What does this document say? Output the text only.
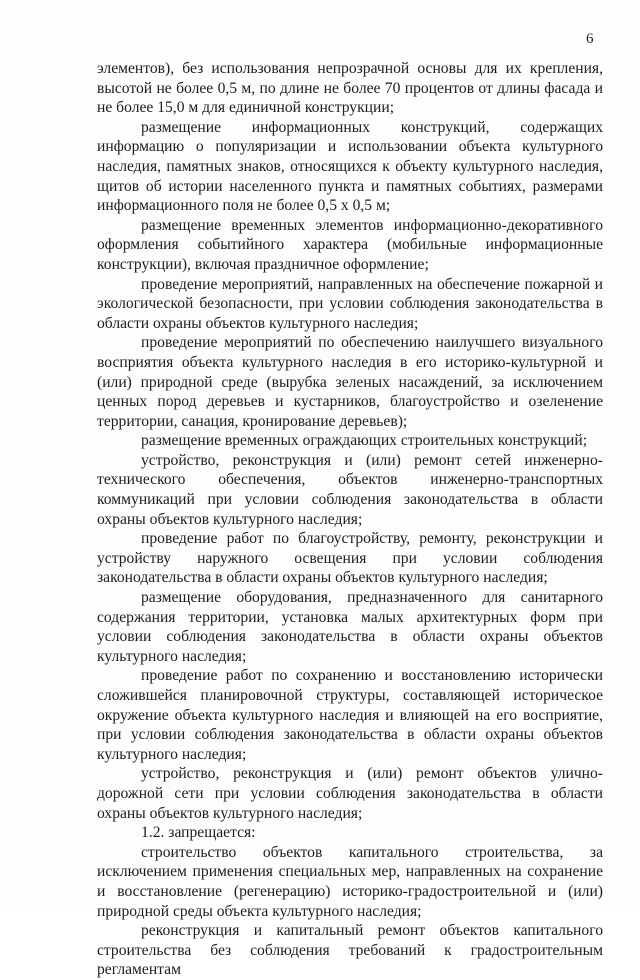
6

элементов), без использования непрозрачной основы для их крепления, высотой не более 0,5 м, по длине не более 70 процентов от длины фасада и не более 15,0 м для единичной конструкции;

размещение информационных конструкций, содержащих информацию о популяризации и использовании объекта культурного наследия, памятных знаков, относящихся к объекту культурного наследия, щитов об истории населенного пункта и памятных событиях, размерами информационного поля не более 0,5 х 0,5 м;

размещение временных элементов информационно-декоративного оформления событийного характера (мобильные информационные конструкции), включая праздничное оформление;

проведение мероприятий, направленных на обеспечение пожарной и экологической безопасности, при условии соблюдения законодательства в области охраны объектов культурного наследия;

проведение мероприятий по обеспечению наилучшего визуального восприятия объекта культурного наследия в его историко-культурной и (или) природной среде (вырубка зеленых насаждений, за исключением ценных пород деревьев и кустарников, благоустройство и озеленение территории, санация, кронирование деревьев);

размещение временных ограждающих строительных конструкций;

устройство, реконструкция и (или) ремонт сетей инженерно-технического обеспечения, объектов инженерно-транспортных коммуникаций при условии соблюдения законодательства в области охраны объектов культурного наследия;

проведение работ по благоустройству, ремонту, реконструкции и устройству наружного освещения при условии соблюдения законодательства в области охраны объектов культурного наследия;

размещение оборудования, предназначенного для санитарного содержания территории, установка малых архитектурных форм при условии соблюдения законодательства в области охраны объектов культурного наследия;

проведение работ по сохранению и восстановлению исторически сложившейся планировочной структуры, составляющей историческое окружение объекта культурного наследия и влияющей на его восприятие, при условии соблюдения законодательства в области охраны объектов культурного наследия;

устройство, реконструкция и (или) ремонт объектов улично-дорожной сети при условии соблюдения законодательства в области охраны объектов культурного наследия;

1.2. запрещается:

строительство объектов капитального строительства, за исключением применения специальных мер, направленных на сохранение и восстановление (регенерацию) историко-градостроительной и (или) природной среды объекта культурного наследия;

реконструкция и капитальный ремонт объектов капитального строительства без соблюдения требований к градостроительным регламентам
